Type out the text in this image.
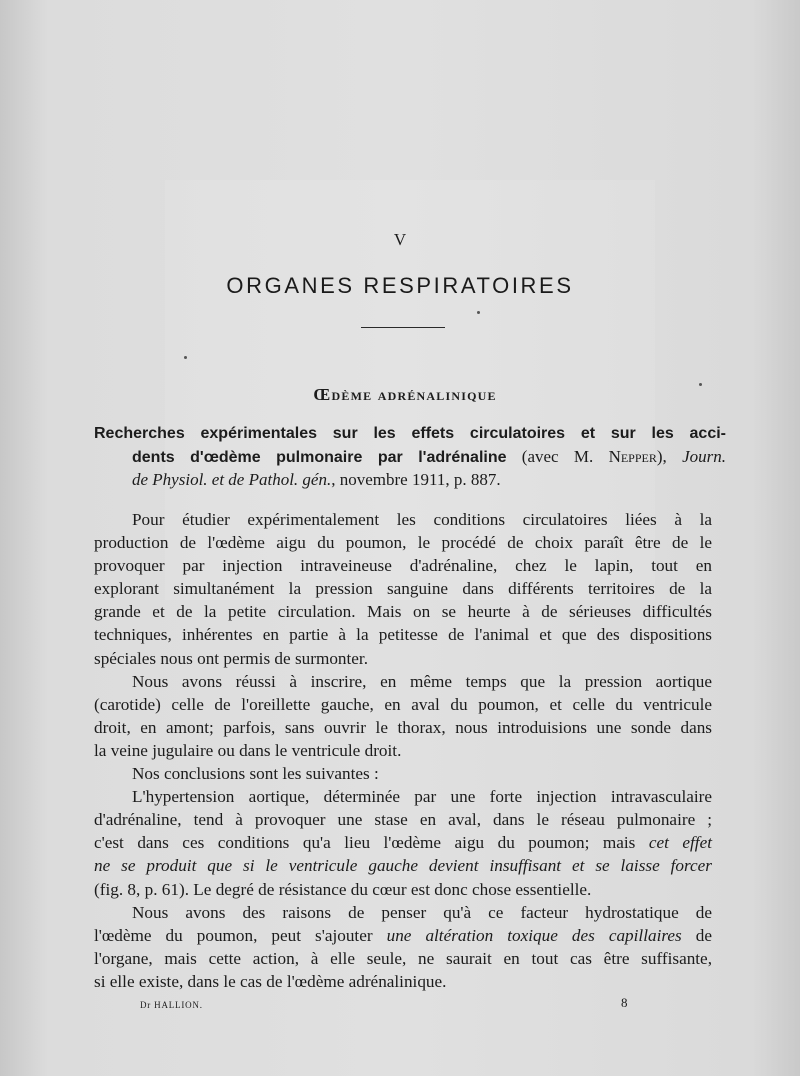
V
ORGANES RESPIRATOIRES
Œdème adrénalinique
Recherches expérimentales sur les effets circulatoires et sur les acci-
dents d'œdème pulmonaire par l'adrénaline (avec M. Nepper), Journ.
de Physiol. et de Pathol. gén., novembre 1911, p. 887.
Pour étudier expérimentalement les conditions circulatoires liées à la
production de l'œdème aigu du poumon, le procédé de choix paraît être de le
provoquer par injection intraveineuse d'adrénaline, chez le lapin, tout en
explorant simultanément la pression sanguine dans différents territoires de la
grande et de la petite circulation. Mais on se heurte à de sérieuses difficultés
techniques, inhérentes en partie à la petitesse de l'animal et que des dispositions
spéciales nous ont permis de surmonter.
Nous avons réussi à inscrire, en même temps que la pression aortique
(carotide) celle de l'oreillette gauche, en aval du poumon, et celle du ventricule
droit, en amont; parfois, sans ouvrir le thorax, nous introduisions une sonde dans
la veine jugulaire ou dans le ventricule droit.
Nos conclusions sont les suivantes :
L'hypertension aortique, déterminée par une forte injection intravasculaire
d'adrénaline, tend à provoquer une stase en aval, dans le réseau pulmonaire ;
c'est dans ces conditions qu'a lieu l'œdème aigu du poumon; mais cet effet
ne se produit que si le ventricule gauche devient insuffisant et se laisse forcer
(fig. 8, p. 61). Le degré de résistance du cœur est donc chose essentielle.
Nous avons des raisons de penser qu'à ce facteur hydrostatique de
l'œdème du poumon, peut s'ajouter une altération toxique des capillaires de
l'organe, mais cette action, à elle seule, ne saurait en tout cas être suffisante,
si elle existe, dans le cas de l'œdème adrénalinique.
Dr HALLION.	8
